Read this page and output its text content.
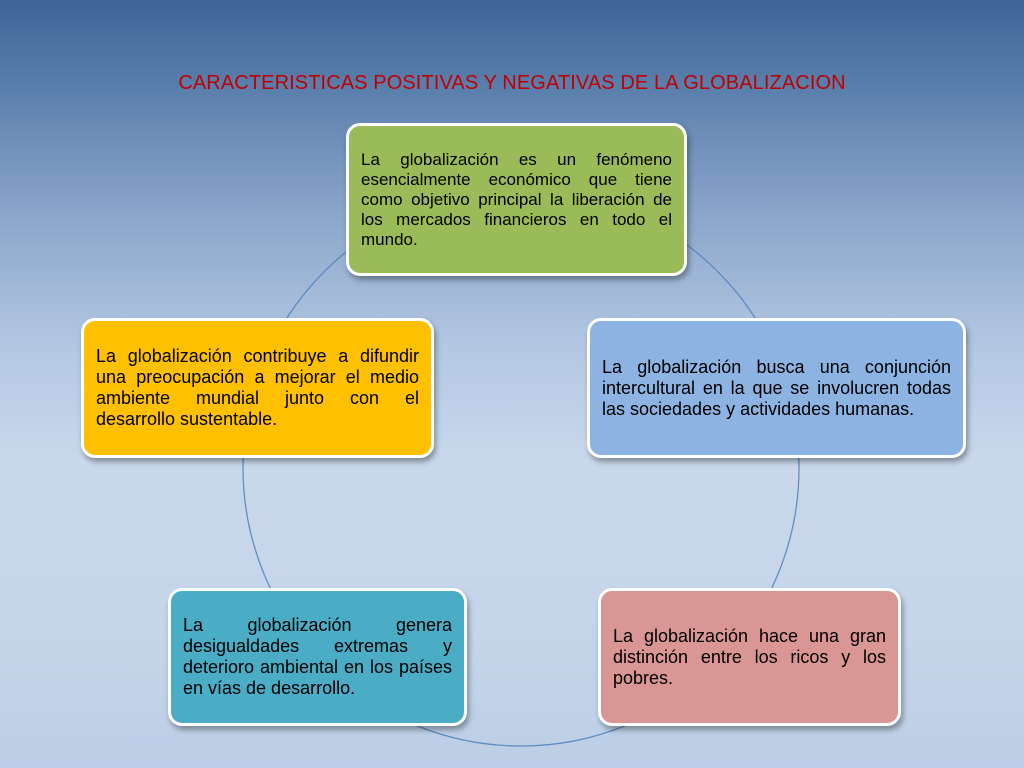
CARACTERISTICAS POSITIVAS Y NEGATIVAS DE LA GLOBALIZACION
La globalización es un fenómeno esencialmente económico que tiene como objetivo principal la liberación de los mercados financieros en todo el mundo.
La globalización busca una conjunción intercultural en la que se involucren todas las sociedades y actividades humanas.
La globalización hace una gran distinción entre los ricos y los pobres.
La globalización genera desigualdades extremas y deterioro ambiental en los países en vías de desarrollo.
La globalización contribuye a difundir una preocupación a mejorar el medio ambiente mundial junto con el desarrollo sustentable.
